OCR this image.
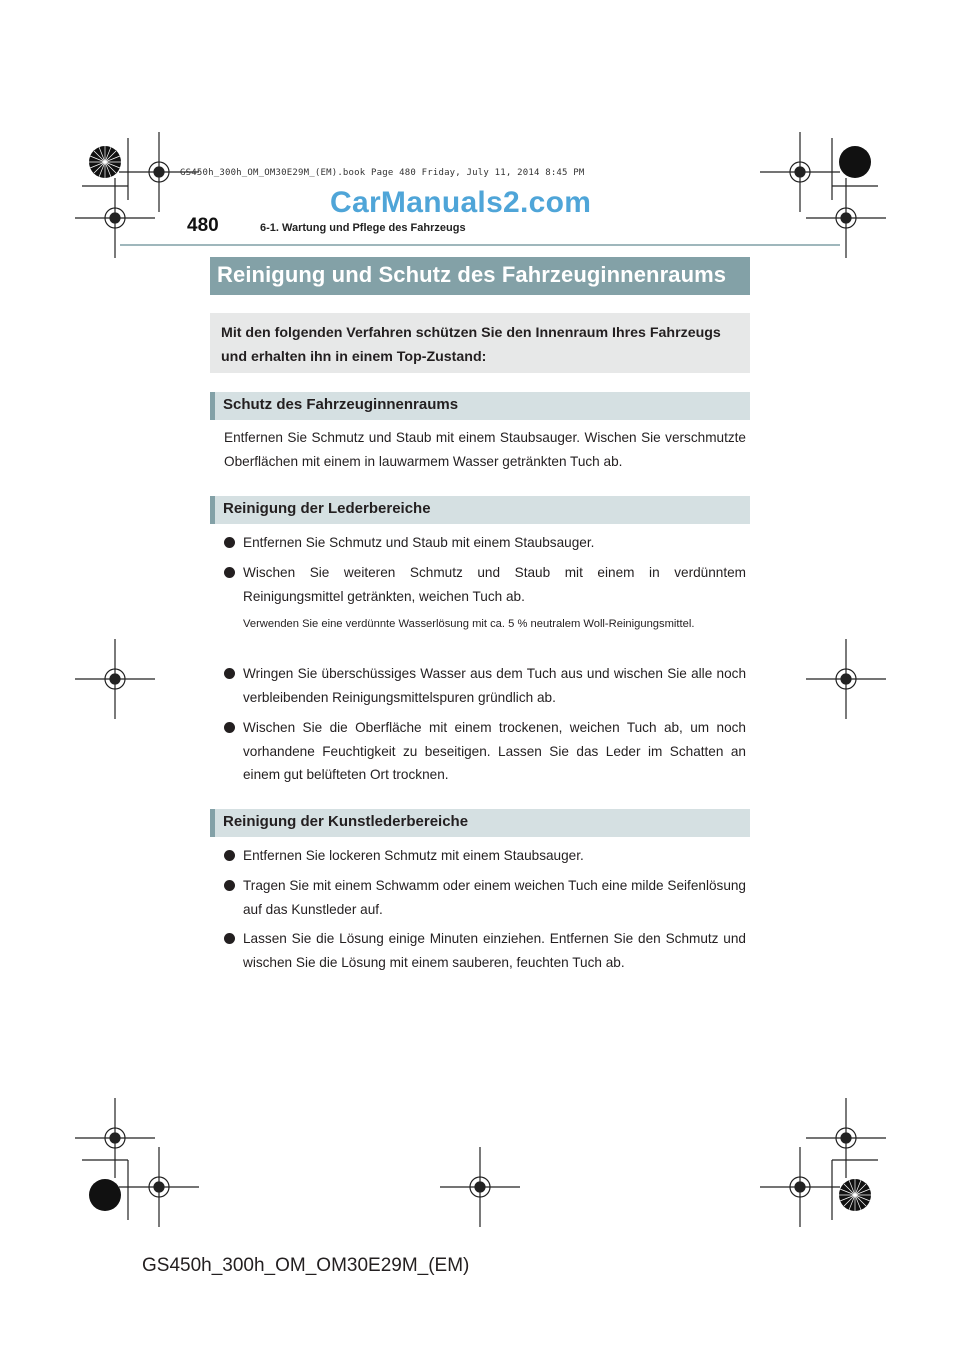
GS450h_300h_OM_OM30E29M_(EM).book Page 480 Friday, July 11, 2014 8:45 PM
CarManuals2.com
480	6-1. Wartung und Pflege des Fahrzeugs
Reinigung und Schutz des Fahrzeuginnenraums
Mit den folgenden Verfahren schützen Sie den Innenraum Ihres Fahrzeugs und erhalten ihn in einem Top-Zustand:
Schutz des Fahrzeuginnenraums
Entfernen Sie Schmutz und Staub mit einem Staubsauger. Wischen Sie verschmutzte Oberflächen mit einem in lauwarmem Wasser getränkten Tuch ab.
Reinigung der Lederbereiche
Entfernen Sie Schmutz und Staub mit einem Staubsauger.
Wischen Sie weiteren Schmutz und Staub mit einem in verdünntem Reinigungsmittel getränkten, weichen Tuch ab.
Verwenden Sie eine verdünnte Wasserlösung mit ca. 5 % neutralem Woll-Reinigungsmittel.
Wringen Sie überschüssiges Wasser aus dem Tuch aus und wischen Sie alle noch verbleibenden Reinigungsmittelspuren gründlich ab.
Wischen Sie die Oberfläche mit einem trockenen, weichen Tuch ab, um noch vorhandene Feuchtigkeit zu beseitigen. Lassen Sie das Leder im Schatten an einem gut belüfteten Ort trocknen.
Reinigung der Kunstlederbereiche
Entfernen Sie lockeren Schmutz mit einem Staubsauger.
Tragen Sie mit einem Schwamm oder einem weichen Tuch eine milde Seifenlösung auf das Kunstleder auf.
Lassen Sie die Lösung einige Minuten einziehen. Entfernen Sie den Schmutz und wischen Sie die Lösung mit einem sauberen, feuchten Tuch ab.
GS450h_300h_OM_OM30E29M_(EM)
